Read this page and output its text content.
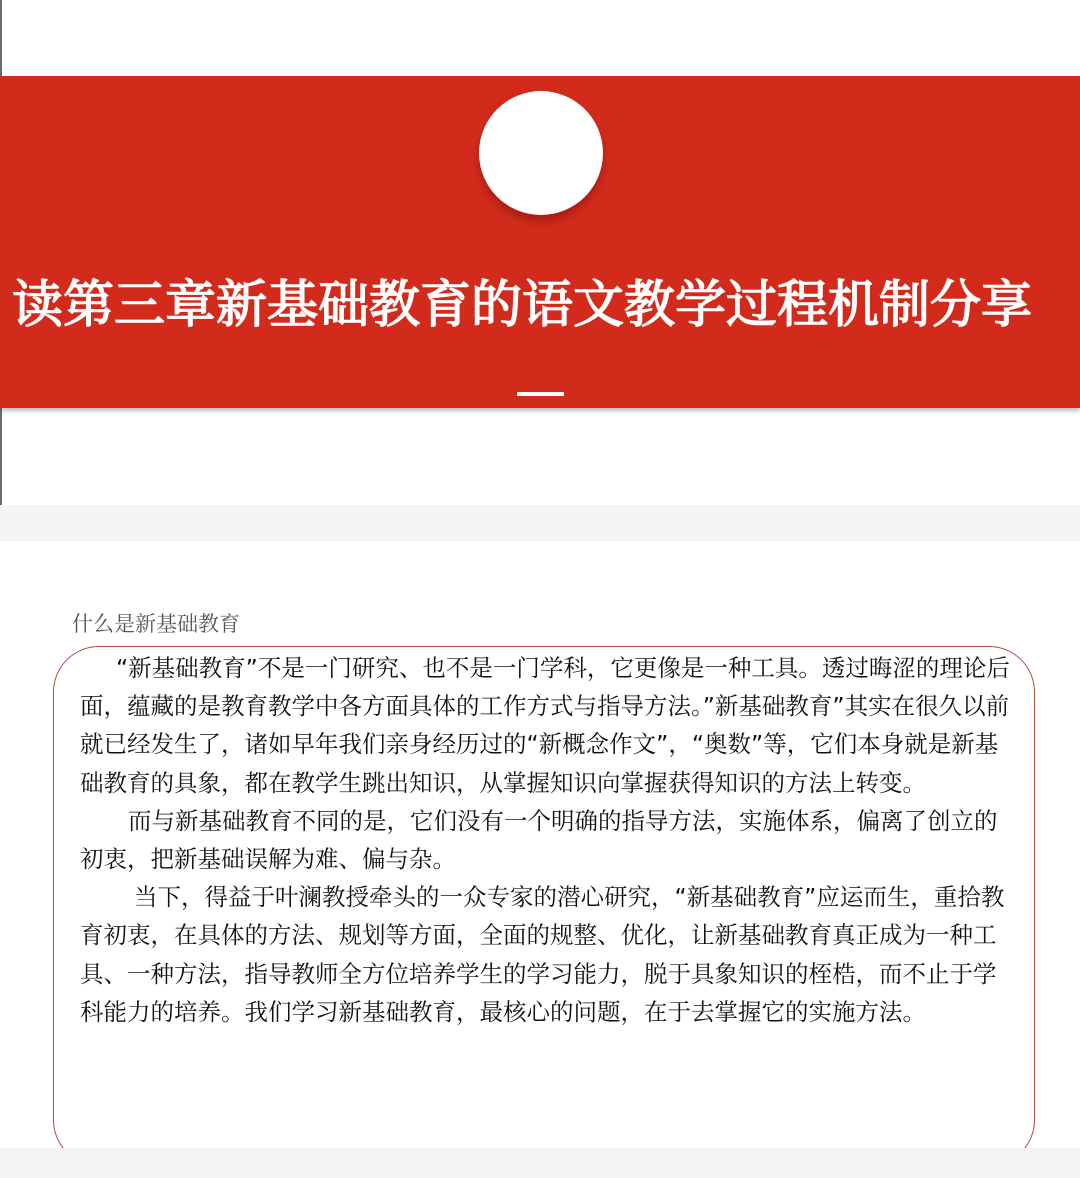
读第三章新基础教育的语文教学过程机制分享
汇报人：马珺宇
什么是新基础教育

“新基础教育”不是一门研究、也不是一门学科，它更像是一种工具。透过晦涩的理论后面，蕴藏的是教育教学中各方面具体的工作方式与指导方法。”新基础教育”其实在很久以前就已经发生了，诸如早年我们亲身经历过的“新概念作文”，“奥数”等，它们本身就是新基础教育的具象，都在教学生跳出知识，从掌握知识向掌握获得知识的方法上转变。

而与新基础教育不同的是，它们没有一个明确的指导方法，实施体系，偏离了创立的初衷，把新基础误解为难、偏与杂。

当下，得益于叶澜教授牵头的一众专家的潜心研究，“新基础教育”应运而生，重拾教育初衷，在具体的方法、规划等方面，全面的规整、优化，让新基础教育真正成为一种工具、一种方法，指导教师全方位培养学生的学习能力，脱于具象知识的桎梏，而不止于学科能力的培养。我们学习新基础教育，最核心的问题，在于去掌握它的实施方法。
